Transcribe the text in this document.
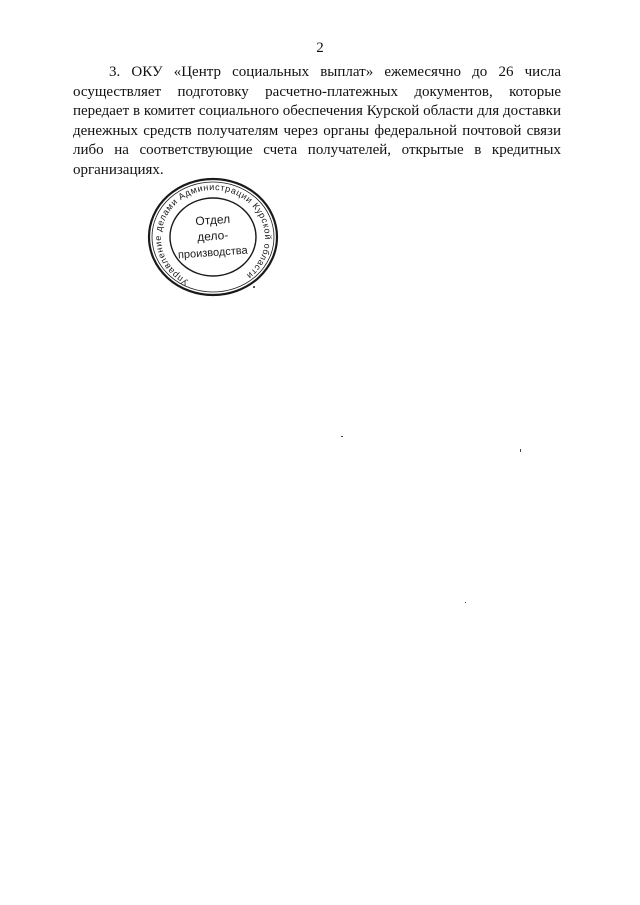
2

3. ОКУ «Центр социальных выплат» ежемесячно до 26 числа осуществляет подготовку расчетно-платежных документов, которые передает в комитет социального обеспечения Курской области для доставки денежных средств получателям через органы федеральной почтовой связи либо на соответствующие счета получателей, открытые в кредитных организациях.

Управление делами Администрации Курской области
•
Отдел
дело-
производства
